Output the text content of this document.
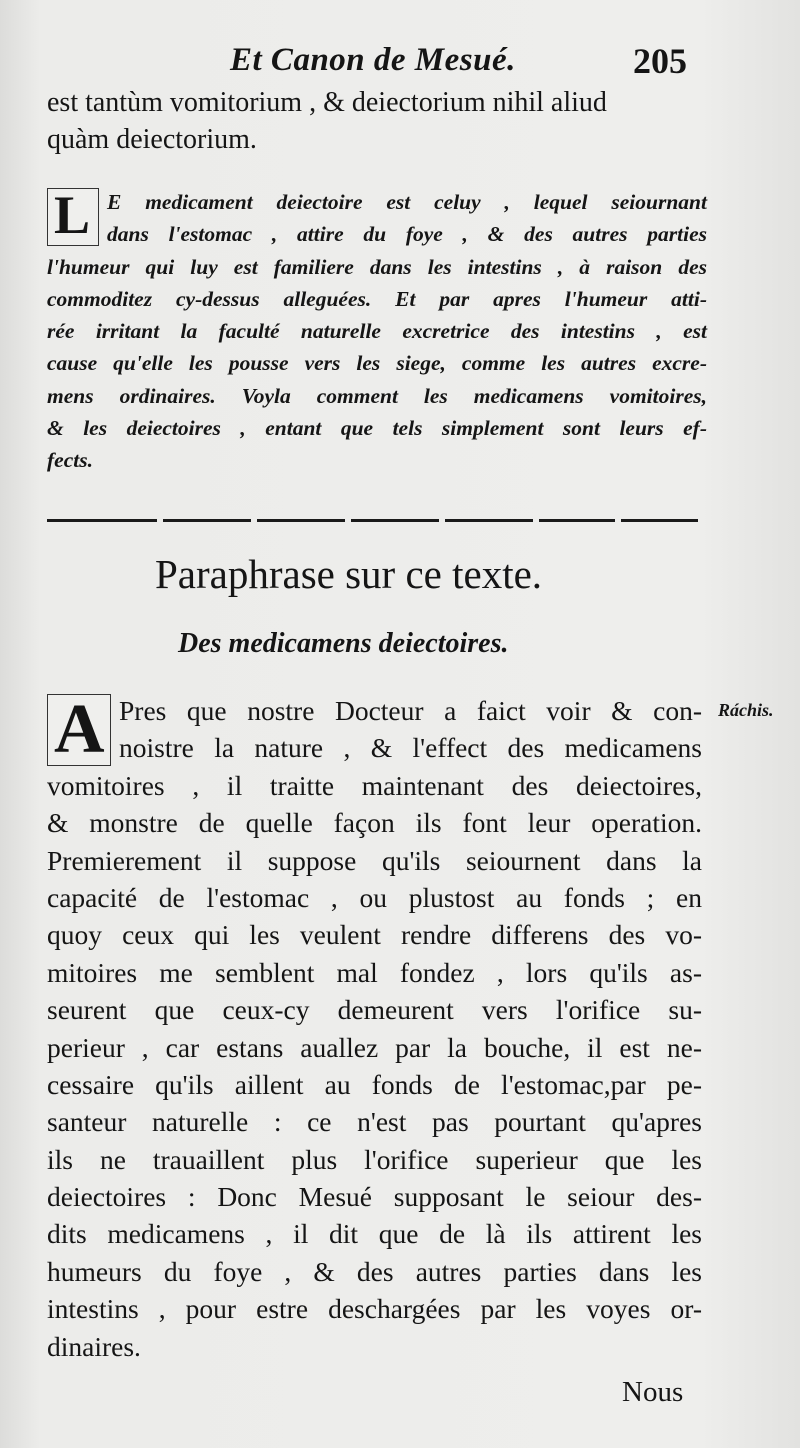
Et Canon de Mesué.	205
est tantùm vomitorium , & deiectorium nihil aliud
quàm deiectorium.
E medicament deiectoire est celuy , lequel seiournant
dans l'estomac , attire du foye , & des autres parties
l'humeur qui luy est familiere dans les intestins , à raison des
commoditez cy-dessus alleguées. Et par apres l'humeur atti-
rée irritant la faculté naturelle excretrice des intestins , est
cause qu'elle les pousse vers les siege, comme les autres excre-
mens ordinaires. Voyla comment les medicamens vomitoires,
& les deiectoires , entant que tels simplement sont leurs ef-
fects.
L
Paraphrase sur ce texte.
Des medicamens deiectoires.
Pres que nostre Docteur a faict voir & con-
noistre la nature , & l'effect des medicamens
vomitoires , il traitte maintenant des deiectoires,
& monstre de quelle façon ils font leur operation.
Premierement il suppose qu'ils seiournent dans la
capacité de l'estomac , ou plustost au fonds ; en
quoy ceux qui les veulent rendre differens des vo-
mitoires me semblent mal fondez , lors qu'ils as-
seurent que ceux-cy demeurent vers l'orifice su-
perieur , car estans auallez par la bouche, il est ne-
cessaire qu'ils aillent au fonds de l'estomac,par pe-
santeur naturelle : ce n'est pas pourtant qu'apres
ils ne trauaillent plus l'orifice superieur que les
deiectoires : Donc Mesué supposant le seiour des-
dits medicamens , il dit que de là ils attirent les
humeurs du foye , & des autres parties dans les
intestins , pour estre deschargées par les voyes or-
dinaires.
A	Ráchis.
Nous
